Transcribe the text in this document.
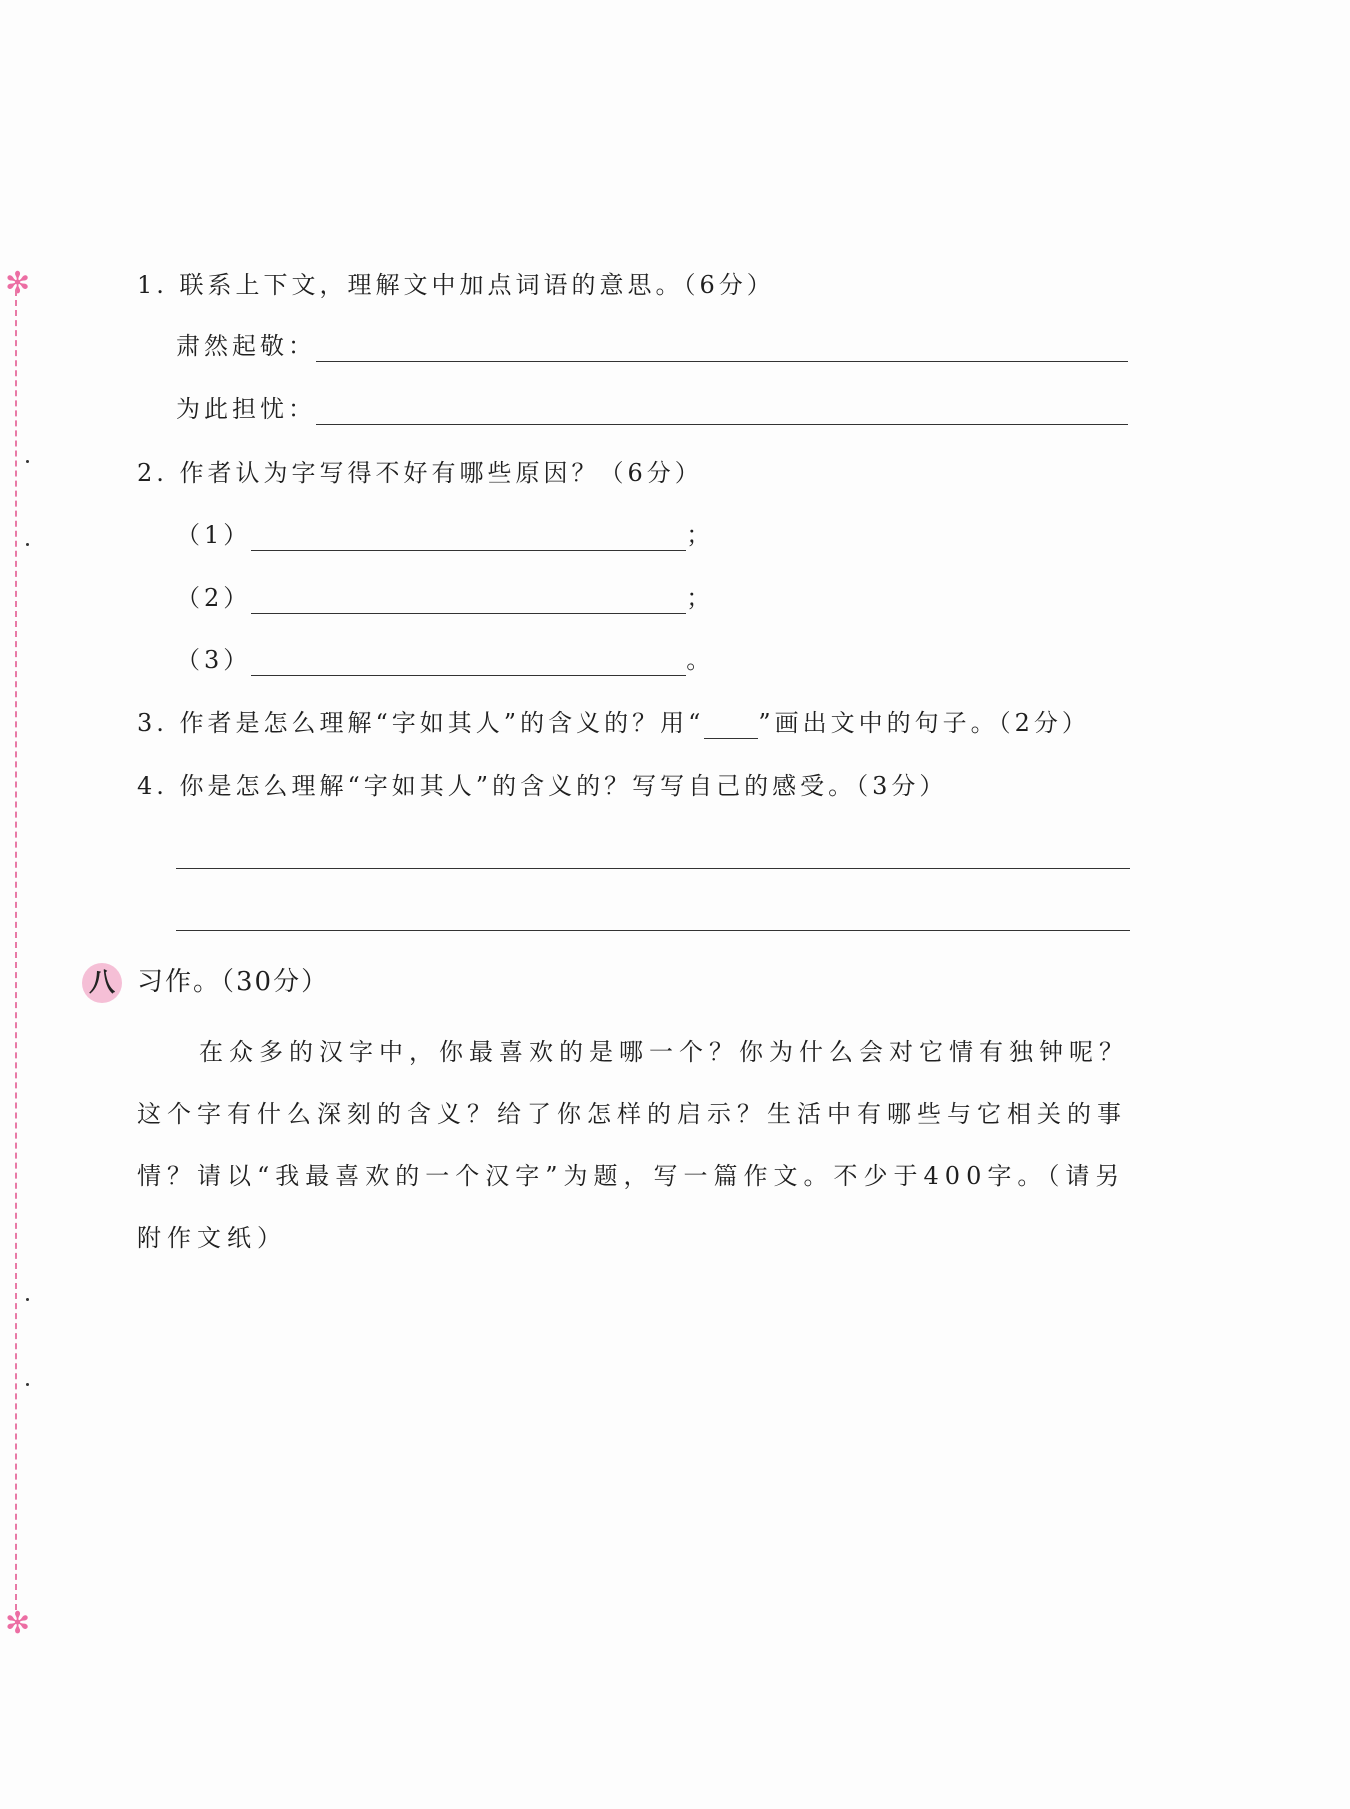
✻
✻
1. 联系上下文，理解文中加点词语的意思。（6分）
肃然起敬：
为此担忧：
2. 作者认为字写得不好有哪些原因？（6分）
（1）	；
（2）	；
（3）	。
3. 作者是怎么理解“字如其人”的含义的？用“ ”画出文中的句子。（2分）
4. 你是怎么理解“字如其人”的含义的？写写自己的感受。（3分）
八 习作。（30分）

在众多的汉字中，你最喜欢的是哪一个？你为什么会对它情有独钟呢？这个字有什么深刻的含义？给了你怎样的启示？生活中有哪些与它相关的事情？请以“我最喜欢的一个汉字”为题，写一篇作文。不少于400字。（请另附作文纸）
